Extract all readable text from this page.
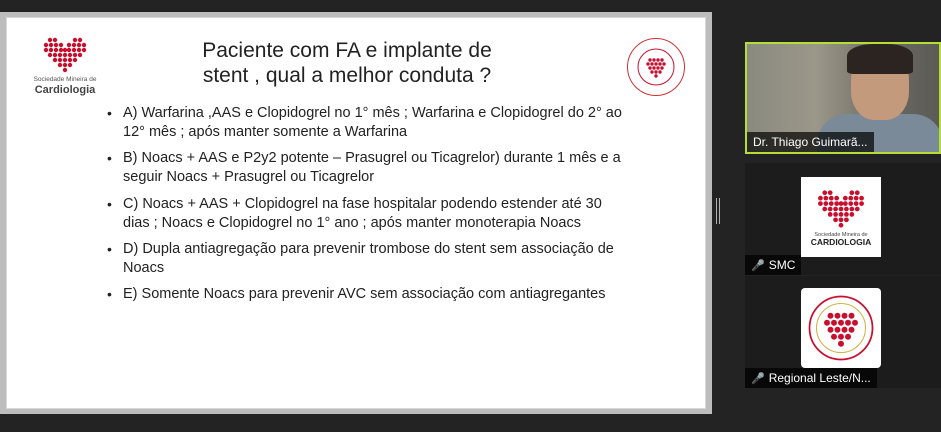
Sociedade Mineira de
Cardiologia
Paciente com FA e implante de
stent , qual a melhor conduta ?
• A) Warfarina ,AAS e Clopidogrel no 1° mês ; Warfarina e Clopidogrel do 2° ao 12° mês ; após manter somente a Warfarina
• B) Noacs + AAS e P2y2 potente – Prasugrel ou Ticagrelor) durante 1 mês e a seguir Noacs + Prasugrel ou Ticagrelor
• C) Noacs + AAS + Clopidogrel na fase hospitalar podendo estender até 30 dias ; Noacs e Clopidogrel no 1° ano ; após manter monoterapia Noacs
• D) Dupla antiagregação para prevenir trombose do stent sem associação de Noacs
• E) Somente Noacs para prevenir AVC sem associação com antiagregantes
Dr. Thiago Guimarã...
Sociedade Mineira de
CARDIOLOGIA
🎤 SMC
🎤 Regional Leste/N...
